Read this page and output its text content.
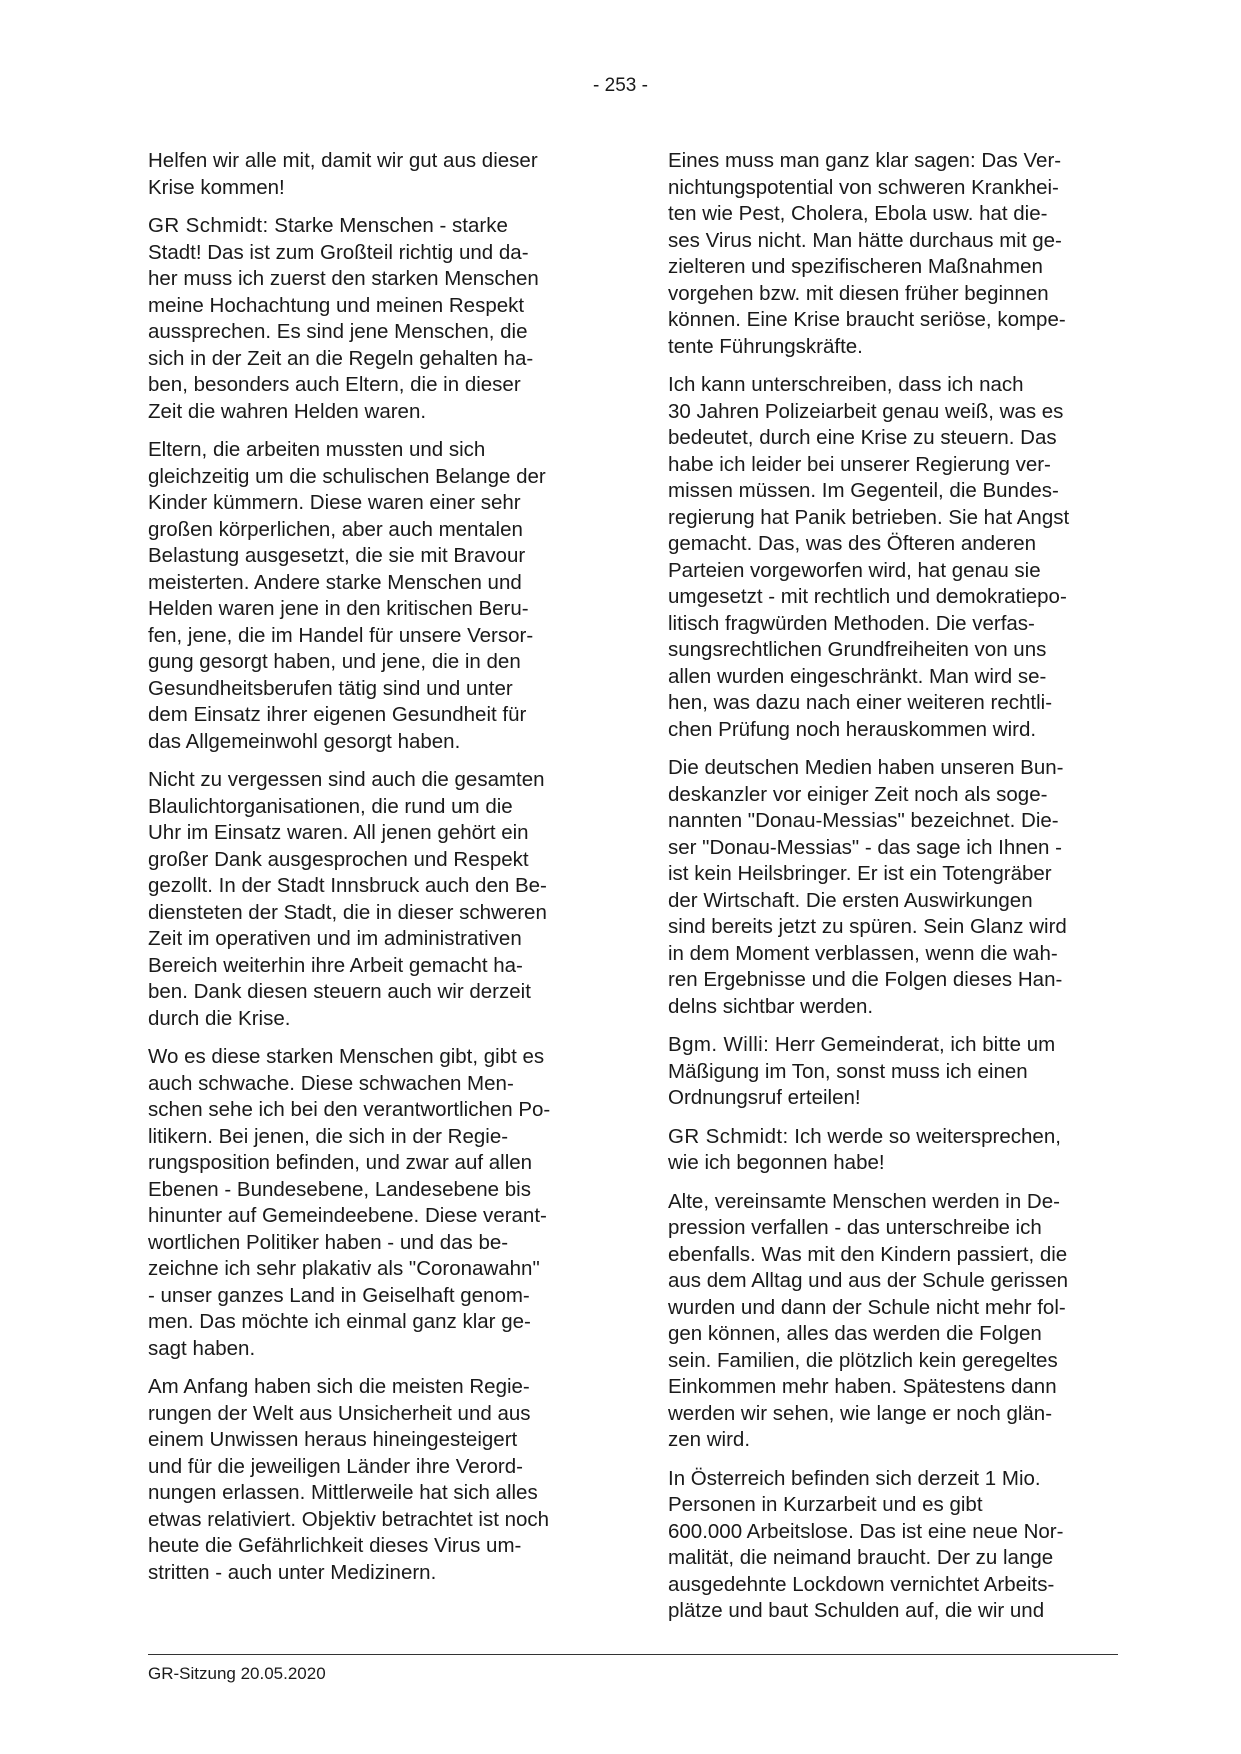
- 253 -

Helfen wir alle mit, damit wir gut aus dieser
Krise kommen!

GR Schmidt: Starke Menschen - starke
Stadt! Das ist zum Großteil richtig und da-
her muss ich zuerst den starken Menschen
meine Hochachtung und meinen Respekt
aussprechen. Es sind jene Menschen, die
sich in der Zeit an die Regeln gehalten ha-
ben, besonders auch Eltern, die in dieser
Zeit die wahren Helden waren.

Eltern, die arbeiten mussten und sich
gleichzeitig um die schulischen Belange der
Kinder kümmern. Diese waren einer sehr
großen körperlichen, aber auch mentalen
Belastung ausgesetzt, die sie mit Bravour
meisterten. Andere starke Menschen und
Helden waren jene in den kritischen Beru-
fen, jene, die im Handel für unsere Versor-
gung gesorgt haben, und jene, die in den
Gesundheitsberufen tätig sind und unter
dem Einsatz ihrer eigenen Gesundheit für
das Allgemeinwohl gesorgt haben.

Nicht zu vergessen sind auch die gesamten
Blaulichtorganisationen, die rund um die
Uhr im Einsatz waren. All jenen gehört ein
großer Dank ausgesprochen und Respekt
gezollt. In der Stadt Innsbruck auch den Be-
diensteten der Stadt, die in dieser schweren
Zeit im operativen und im administrativen
Bereich weiterhin ihre Arbeit gemacht ha-
ben. Dank diesen steuern auch wir derzeit
durch die Krise.

Wo es diese starken Menschen gibt, gibt es
auch schwache. Diese schwachen Men-
schen sehe ich bei den verantwortlichen Po-
litikern. Bei jenen, die sich in der Regie-
rungsposition befinden, und zwar auf allen
Ebenen - Bundesebene, Landesebene bis
hinunter auf Gemeindeebene. Diese verant-
wortlichen Politiker haben - und das be-
zeichne ich sehr plakativ als "Coronawahn"
- unser ganzes Land in Geiselhaft genom-
men. Das möchte ich einmal ganz klar ge-
sagt haben.

Am Anfang haben sich die meisten Regie-
rungen der Welt aus Unsicherheit und aus
einem Unwissen heraus hineingesteigert
und für die jeweiligen Länder ihre Verord-
nungen erlassen. Mittlerweile hat sich alles
etwas relativiert. Objektiv betrachtet ist noch
heute die Gefährlichkeit dieses Virus um-
stritten - auch unter Medizinern.

Eines muss man ganz klar sagen: Das Ver-
nichtungspotential von schweren Krankhei-
ten wie Pest, Cholera, Ebola usw. hat die-
ses Virus nicht. Man hätte durchaus mit ge-
zielteren und spezifischeren Maßnahmen
vorgehen bzw. mit diesen früher beginnen
können. Eine Krise braucht seriöse, kompe-
tente Führungskräfte.

Ich kann unterschreiben, dass ich nach
30 Jahren Polizeiarbeit genau weiß, was es
bedeutet, durch eine Krise zu steuern. Das
habe ich leider bei unserer Regierung ver-
missen müssen. Im Gegenteil, die Bundes-
regierung hat Panik betrieben. Sie hat Angst
gemacht. Das, was des Öfteren anderen
Parteien vorgeworfen wird, hat genau sie
umgesetzt - mit rechtlich und demokratiepo-
litisch fragwürden Methoden. Die verfas-
sungsrechtlichen Grundfreiheiten von uns
allen wurden eingeschränkt. Man wird se-
hen, was dazu nach einer weiteren rechtli-
chen Prüfung noch herauskommen wird.

Die deutschen Medien haben unseren Bun-
deskanzler vor einiger Zeit noch als soge-
nannten "Donau-Messias" bezeichnet. Die-
ser "Donau-Messias" - das sage ich Ihnen -
ist kein Heilsbringer. Er ist ein Totengräber
der Wirtschaft. Die ersten Auswirkungen
sind bereits jetzt zu spüren. Sein Glanz wird
in dem Moment verblassen, wenn die wah-
ren Ergebnisse und die Folgen dieses Han-
delns sichtbar werden.

Bgm. Willi: Herr Gemeinderat, ich bitte um
Mäßigung im Ton, sonst muss ich einen
Ordnungsruf erteilen!

GR Schmidt: Ich werde so weitersprechen,
wie ich begonnen habe!

Alte, vereinsamte Menschen werden in De-
pression verfallen - das unterschreibe ich
ebenfalls. Was mit den Kindern passiert, die
aus dem Alltag und aus der Schule gerissen
wurden und dann der Schule nicht mehr fol-
gen können, alles das werden die Folgen
sein. Familien, die plötzlich kein geregeltes
Einkommen mehr haben. Spätestens dann
werden wir sehen, wie lange er noch glän-
zen wird.

In Österreich befinden sich derzeit 1 Mio.
Personen in Kurzarbeit und es gibt
600.000 Arbeitslose. Das ist eine neue Nor-
malität, die neimand braucht. Der zu lange
ausgedehnte Lockdown vernichtet Arbeits-
plätze und baut Schulden auf, die wir und

GR-Sitzung 20.05.2020
